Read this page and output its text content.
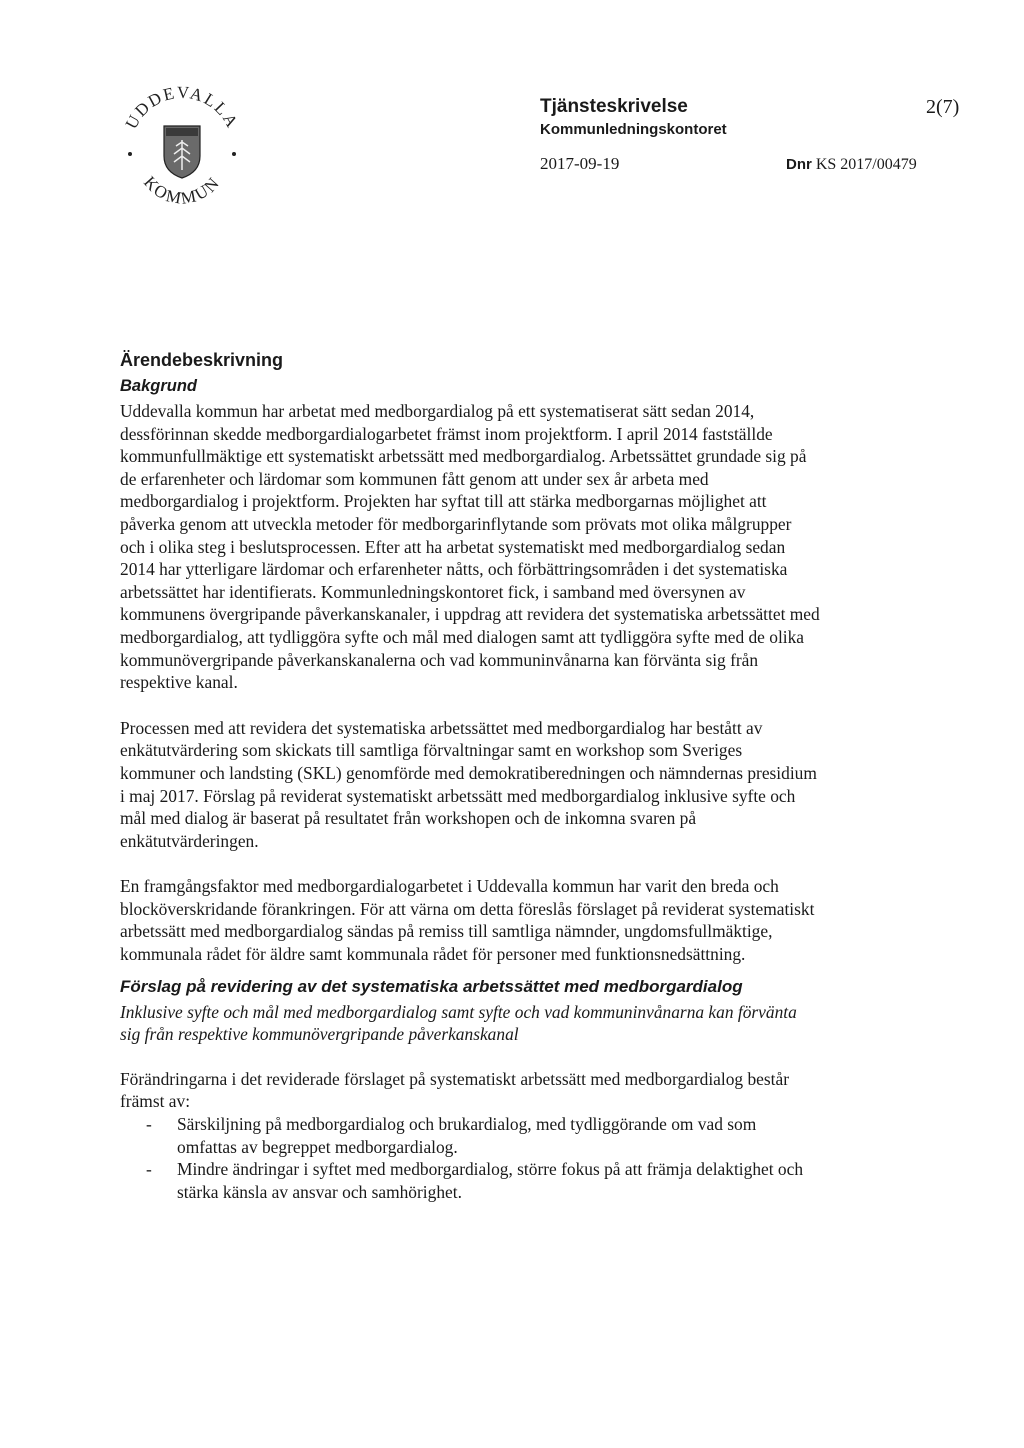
UDDEVALLA
KOMMUN
Tjänsteskrivelse
Kommunledningskontoret
2(7)
2017-09-19	Dnr KS 2017/00479
Ärendebeskrivning
Bakgrund

Uddevalla kommun har arbetat med medborgardialog på ett systematiserat sätt sedan 2014, dessförinnan skedde medborgardialogarbetet främst inom projektform. I april 2014 fastställde kommunfullmäktige ett systematiskt arbetssätt med medborgardialog. Arbetssättet grundade sig på de erfarenheter och lärdomar som kommunen fått genom att under sex år arbeta med medborgardialog i projektform. Projekten har syftat till att stärka medborgarnas möjlighet att påverka genom att utveckla metoder för medborgarinflytande som prövats mot olika målgrupper och i olika steg i beslutsprocessen. Efter att ha arbetat systematiskt med medborgardialog sedan 2014 har ytterligare lärdomar och erfarenheter nåtts, och förbättringsområden i det systematiska arbetssättet har identifierats. Kommunledningskontoret fick, i samband med översynen av kommunens övergripande påverkanskanaler, i uppdrag att revidera det systematiska arbetssättet med medborgardialog, att tydliggöra syfte och mål med dialogen samt att tydliggöra syfte med de olika kommunövergripande påverkanskanalerna och vad kommuninvånarna kan förvänta sig från respektive kanal.

Processen med att revidera det systematiska arbetssättet med medborgardialog har bestått av enkätutvärdering som skickats till samtliga förvaltningar samt en workshop som Sveriges kommuner och landsting (SKL) genomförde med demokratiberedningen och nämndernas presidium i maj 2017. Förslag på reviderat systematiskt arbetssätt med medborgardialog inklusive syfte och mål med dialog är baserat på resultatet från workshopen och de inkomna svaren på enkätutvärderingen.

En framgångsfaktor med medborgardialogarbetet i Uddevalla kommun har varit den breda och blocköverskridande förankringen. För att värna om detta föreslås förslaget på reviderat systematiskt arbetssätt med medborgardialog sändas på remiss till samtliga nämnder, ungdomsfullmäktige, kommunala rådet för äldre samt kommunala rådet för personer med funktionsnedsättning.

Förslag på revidering av det systematiska arbetssättet med medborgardialog

Inklusive syfte och mål med medborgardialog samt syfte och vad kommuninvånarna kan förvänta sig från respektive kommunövergripande påverkanskanal

Förändringarna i det reviderade förslaget på systematiskt arbetssätt med medborgardialog består främst av:

- Särskiljning på medborgardialog och brukardialog, med tydliggörande om vad som omfattas av begreppet medborgardialog.
- Mindre ändringar i syftet med medborgardialog, större fokus på att främja delaktighet och stärka känsla av ansvar och samhörighet.
